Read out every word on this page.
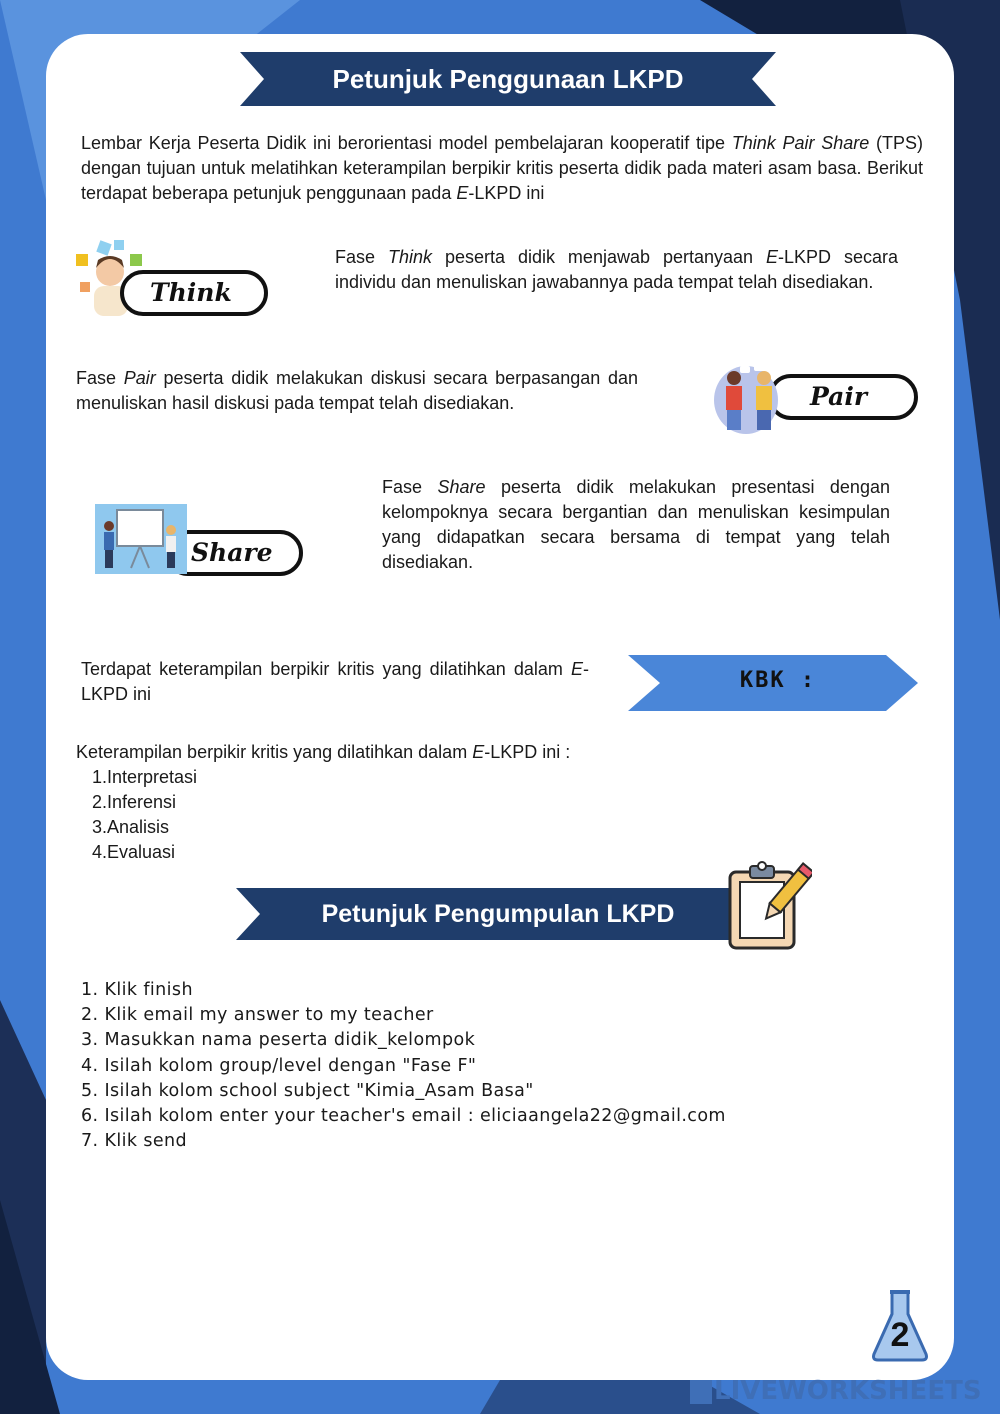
Petunjuk Penggunaan LKPD

Lembar Kerja Peserta Didik ini berorientasi model pembelajaran kooperatif tipe Think Pair Share (TPS) dengan tujuan untuk melatihkan keterampilan berpikir kritis peserta didik pada materi asam basa. Berikut terdapat beberapa petunjuk penggunaan pada E-LKPD ini

Think

Fase Think peserta didik menjawab pertanyaan E-LKPD secara individu dan menuliskan jawabannya pada tempat telah disediakan.

Fase Pair peserta didik melakukan diskusi secara berpasangan dan menuliskan hasil diskusi pada tempat telah disediakan.	Pair
Share

Fase Share peserta didik melakukan presentasi dengan kelompoknya secara bergantian dan menuliskan kesimpulan yang didapatkan secara bersama di tempat yang telah disediakan.

Terdapat keterampilan berpikir kritis yang dilatihkan dalam E-LKPD ini

KBK :

Keterampilan berpikir kritis yang dilatihkan dalam E-LKPD ini :

1.Interpretasi
2.Inferensi
3.Analisis
4.Evaluasi
Petunjuk Pengumpulan LKPD
1. Klik finish
2. Klik email my answer to my teacher
3. Masukkan nama peserta didik_kelompok
4. Isilah kolom group/level dengan "Fase F"
5. Isilah kolom school subject "Kimia_Asam Basa"
6. Isilah kolom enter your teacher's email : eliciaangela22@gmail.com
7. Klik send
2
LIVEWORKSHEETS
